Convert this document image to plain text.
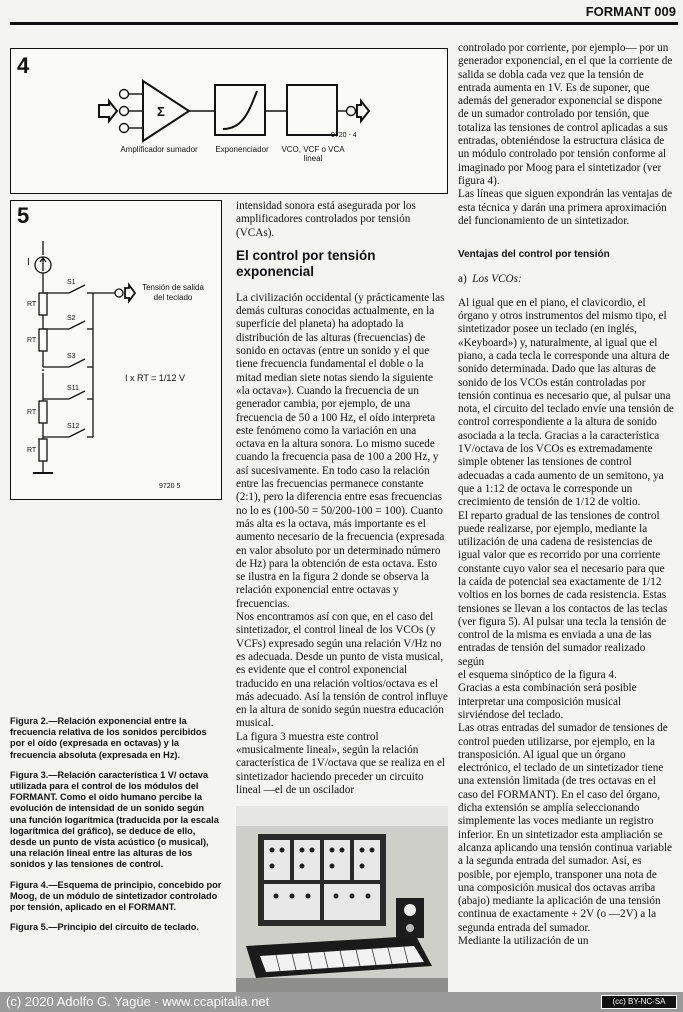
FORMANT 009
4
Σ
Amplificador sumador	Exponenciador	VCO, VCF o VCA lineal
9720 - 4
5
I
S1
S2
S3
S11
S12
RT
RT
RT
RT
Tensión de salida del teclado
I x RT = 1/12 V
9720 5

Figura 2.—Relación exponencial entre la frecuencia relativa de los sonidos percibidos por el oído (expresada en octavas) y la frecuencia absoluta (expresada en Hz).

Figura 3.—Relación característica 1 V/ octava utilizada para el control de los módulos del FORMANT. Como el oído humano percibe la evolución de intensidad de un sonido según una función logarítmica (traducida por la escala logarítmica del gráfico), se deduce de ello, desde un punto de vista acústico (o musical), una relación lineal entre las alturas de los sonidos y las tensiones de control.

Figura 4.—Esquema de principio, concebido por Moog, de un módulo de sintetizador controlado por tensión, aplicado en el FORMANT.

Figura 5.—Principio del circuito de teclado.

intensidad sonora está asegurada por los amplificadores controlados por tensión (VCAs).

El control por tensión exponencial

La civilización occidental (y prácticamente las demás culturas conocidas actualmente, en la superficie del planeta) ha adoptado la distribución de las alturas (frecuencias) de sonido en octavas (entre un sonido y el que tiene frecuencia fundamental el doble o la mitad median siete notas siendo la siguiente «la octava»). Cuando la frecuencia de un generador cambia, por ejemplo, de una frecuencia de 50 a 100 Hz, el oído interpreta este fenómeno como la variación en una octava en la altura sonora. Lo mismo sucede cuando la frecuencia pasa de 100 a 200 Hz, y así sucesivamente. En todo caso la relación entre las frecuencias permanece constante (2:1), pero la diferencia entre esas frecuencias no lo es (100-50 = 50/200-100 = 100). Cuanto más alta es la octava, más importante es el aumento necesario de la frecuencia (expresada en valor absoluto por un determinado número de Hz) para la obtención de esta octava. Esto se ilustra en la figura 2 donde se observa la relación exponencial entre octavas y frecuencias.

Nos encontramos así con que, en el caso del sintetizador, el control lineal de los VCOs (y VCFs) expresado según una relación V/Hz no es adecuada. Desde un punto de vista musical, es evidente que el control exponencial traducido en una relación voltios/octava es el más adecuado. Así la tensión de control influye en la altura de sonido según nuestra educación musical.

La figura 3 muestra este control «musicalmente lineal», según la relación característica de 1V/octava que se realiza en el sintetizador haciendo preceder un circuito lineal —el de un oscilador

controlado por corriente, por ejemplo— por un generador exponencial, en el que la corriente de salida se dobla cada vez que la tensión de entrada aumenta en 1V. Es de suponer, que además del generador exponencial se dispone de un sumador controlado por tensión, que totaliza las tensiones de control aplicadas a sus entradas, obteniéndose la estructura clásica de un módulo controlado por tensión conforme al imaginado por Moog para el sintetizador (ver figura 4).

Las líneas que siguen expondrán las ventajas de esta técnica y darán una primera aproximación del funcionamiento de un sintetizador.

Ventajas del control por tensión
a) Los VCOs:

Al igual que en el piano, el clavicordio, el órgano y otros instrumentos del mismo tipo, el sintetizador posee un teclado (en inglés, «Keyboard») y, naturalmente, al igual que el piano, a cada tecla le corresponde una altura de sonido determinada. Dado que las alturas de sonido de los VCOs están controladas por tensión continua es necesario que, al pulsar una nota, el circuito del teclado envíe una tensión de control correspondiente a la altura de sonido asociada a la tecla. Gracias a la característica 1V/octava de los VCOs es extremadamente simple obtener las tensiones de control adecuadas a cada aumento de un semitono, ya que a 1:12 de octava le corresponde un crecimiento de tensión de 1/12 de voltio.

El reparto gradual de las tensiones de control puede realizarse, por ejemplo, mediante la utilización de una cadena de resistencias de igual valor que es recorrido por una corriente constante cuyo valor sea el necesario para que la caída de potencial sea exactamente de 1/12 voltios en los bornes de cada resistencia. Estas tensiones se llevan a los contactos de las teclas (ver figura 5). Al pulsar una tecla la tensión de control de la misma es enviada a una de las entradas de tensión del sumador realizado según

el esquema sinóptico de la figura 4.

Gracias a esta combinación será posible interpretar una composición musical sirviéndose del teclado.

Las otras entradas del sumador de tensiones de control pueden utilizarse, por ejemplo, en la transposición. Al igual que un órgano electrónico, el teclado de un sintetizador tiene una extensión limitada (de tres octavas en el caso del FORMANT). En el caso del órgano, dicha extensión se amplía seleccionando simplemente las voces mediante un registro inferior. En un sintetizador esta ampliación se alcanza aplicando una tensión continua variable a la segunda entrada del sumador. Así, es posible, por ejemplo, transponer una nota de una composición musical dos octavas arriba (abajo) mediante la aplicación de una tensión continua de exactamente + 2V (o —2V) a la segunda entrada del sumador.

Mediante la utilización de un

(c) 2020 Adolfo G. Yagüe - www.ccapitalia.net	(cc) BY-NC-SA
